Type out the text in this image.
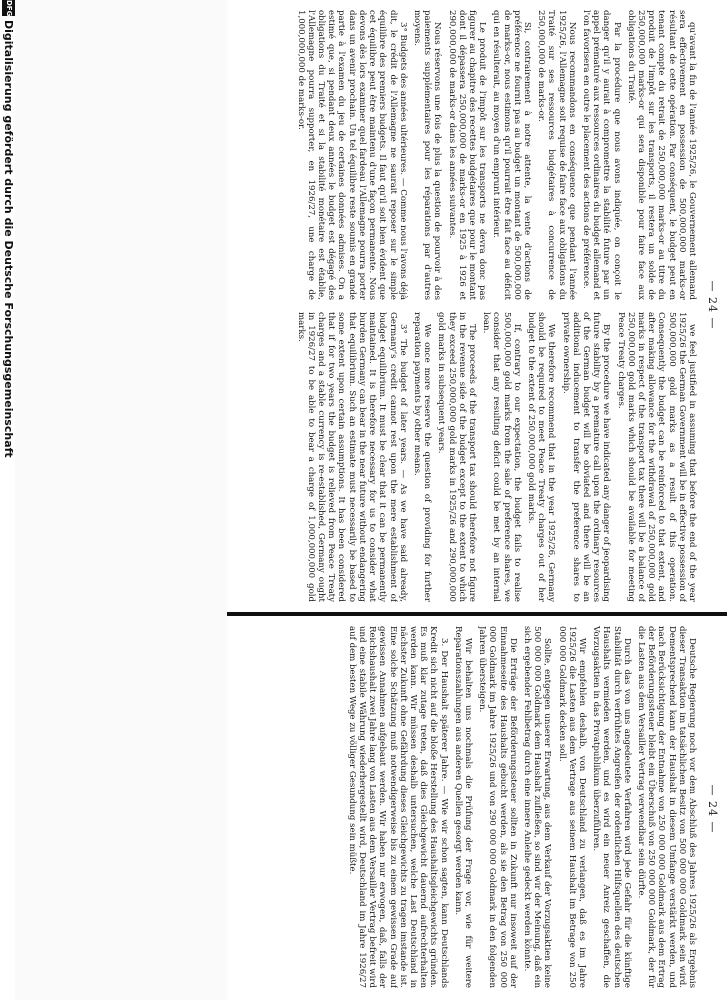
— 24 —

qu'avant la fin de l'année 1925/26, le Gouvernement allemand sera effectivement en possession de 500,000,000 marks-or résultant de cette opération. Par conséquent, le budget peut en tenant compte du retrait de 250,000,000 marks-or au titre du produit de l'impôt sur les transports, il restera un solde de 250,000,000 marks-or qui sera disponible pour faire face aux obligations du Traité.

Par la procédure que nous avons indiquée, on conçoit le danger qu'il y aurait à compromettre la stabilité future par un appel prématuré aux ressources ordinaires du budget allemand et l'on favorisera en outre le placement des actions de préférence.

Nous recommandons en conséquence que pendant l'année 1925/26, l'Allemagne soit requise de faire face aux obligations du Traité sur ses ressources budgétaires à concurrence de 250,000,000 de marks-or.

Si, contrairement à notre attente, la vente d'actions de préférence ne fournit pas au budget un montant de 500,000,000 de marks-or, nous estimons qu'il pourrait être fait face au déficit qui en résulterait, au moyen d'un emprunt intérieur.

Le produit de l'impôt sur les transports ne devra donc pas figurer au chapitre des recettes budgétaires que pour le montant dont il dépassera 250,000,000 de marks-or en 1925 à 1926 et 290,000,000 de marks-or dans les années suivantes.

Nous réservons une fois de plus la question de pourvoir à des paiements supplémentaires pour les réparations par d'autres moyens.

3° Budgets des années ultérieures. — Comme nous l'avons déjà dit, le crédit de l'Allemagne ne saurait reposer sur le simple équilibre des premiers budgets. Il faut qu'il soit bien évident que cet équilibre peut être maintenu d'une façon permanente. Nous devons dès lors examiner quel fardeau l'Allemagne pourra porter dans un avenir prochain. Un tel équilibre reste soumis en grande partie à l'examen du jeu de certaines données admises. On a estimé que, si pendant deux années le budget est dégagé des obligations du Traité et si la stabilité monétaire est établie, l'Allemagne pourra supporter, en 1926/27, une charge de 1,000,000,000 de marks-or.

we feel justified in assuming that before the end of the year 1925/26 the German Government will be in effective possession of 500,000,000 gold marks as a result of this operation. Consequently the budget can be reinforced to that extent, and after making allowance for the withdrawal of 250,000,000 gold marks in respect of the transport tax there will be a balance of 250,000,000 gold marks which should be available for meeting Peace Treaty charges.

By the procedure we have indicated any danger of jeopardising future stability by a premature call upon the ordinary resources of the German budget will be obviated and there will be an additional inducement to transfer the preference shares to private ownership.

We therefore recommend that in the year 1925/26, Germany should be required to meet Peace Treaty charges out of her budget to the extent of 250,000,000 gold marks.

If, contrary to our expectation, the budget fails to realise 500,000,000 gold marks from the sale of preference shares, we consider that any resulting deficit could be met by an internal loan.

The proceeds of the transport tax should therefore not figure in the revenue side of the budget except to the extent to which they exceed 250,000,000 gold marks in 1925/26 and 290,000,000 gold marks in subsequent years.

We once more reserve the question of providing for further reparation payments by other means.

3° The budget of later years. — As we have said already, Germany's credit cannot rest upon the mere establishment of budget equilibrium. It must be clear that it can be permanently maintained. It is therefore necessary for us to consider what burden Germany can bear in the near future without endangering that equilibrium. Such an estimate must necessarily be based to some extent upon certain assumptions. It has been considered that if for two years the budget is relieved from Peace Treaty charges and a stable currency is re-established, Germany ought in 1926/27 to be able to bear a charge of 1,000,000,000 gold marks.

— 24 —

Deutsche Regierung noch vor dem Abschluß des Jahres 1925/26 als Ergebnis dieser Transaktion im tatsächlichen Besitz von 500 000 000 Goldmark sein wird. Dementsprechend kann der Haushalt in diesem Umfange verstärkt werden, und nach Berücksichtigung der Entnahme von 250 000 000 Goldmark aus dem Ertrag der Beförderungssteuer bleibt ein Überschuß von 250 000 000 Goldmark, der für die Lasten aus dem Versailler Vertrag verwendbar sein dürfte.

Durch das von uns angedeutete Verfahren wird jede Gefahr für die künftige Stabilität durch verfrühtes Angreifen der ordentlichen Hilfsquellen des deutschen Haushalts vermieden werden, und es wird ein neuer Anreiz geschaffen, die Vorzugsaktien in das Privatpublikum überzuführen.

Wir empfehlen deshalb, von Deutschland zu verlangen, daß es im Jahre 1925/26 die Lasten aus dem Vertrage aus seinem Haushalt im Betrage von 250 000 000 Goldmark decken soll.

Sollte, entgegen unserer Erwartung, aus dem Verkauf der Vorzugsaktien keine 500 000 000 Goldmark dem Haushalt zufließen, so sind wir der Meinung, daß ein sich ergebender Fehlbetrag durch eine innere Anleihe gedeckt werden könnte.

Die Erträge der Beförderungssteuer sollten in Zukunft nur insoweit auf der Einnahmeseite des Haushalts gebucht werden, als sie den Betrag von 250 000 000 Goldmark im Jahre 1925/26 und von 290 000 000 Goldmark in den folgenden Jahren übersteigen.

Wir behalten uns nochmals die Prüfung der Frage vor, wie für weitere Reparationszahlungen aus anderen Quellen gesorgt werden kann.

3. Der Haushalt späterer Jahre. — Wie wir schon sagten, kann Deutschlands Kredit sich nicht auf die bloße Herstellung des Haushaltsgleichgewichts gründen. Es muß klar zutage treten, daß dies Gleichgewicht dauernd aufrechterhalten werden kann. Wir müssen deshalb untersuchen, welche Last Deutschland in nächster Zukunft ohne Gefährdung dieses Gleichgewichts zu tragen imstande ist. Eine solche Schätzung muß notwendigerweise bis zu einem gewissen Grade auf gewissen Annahmen aufgebaut werden. Wir haben nur erwogen, daß, falls der Reichshaushalt zwei Jahre lang von Lasten aus dem Versailler Vertrag befreit wird und eine stabile Währung wiederhergestellt wird, Deutschland im Jahre 1926/27 auf dem besten Wege zu völliger Gesundung sein müßte.

DFG
Digitalisierung gefördert durch die Deutsche Forschungsgemeinschaft
